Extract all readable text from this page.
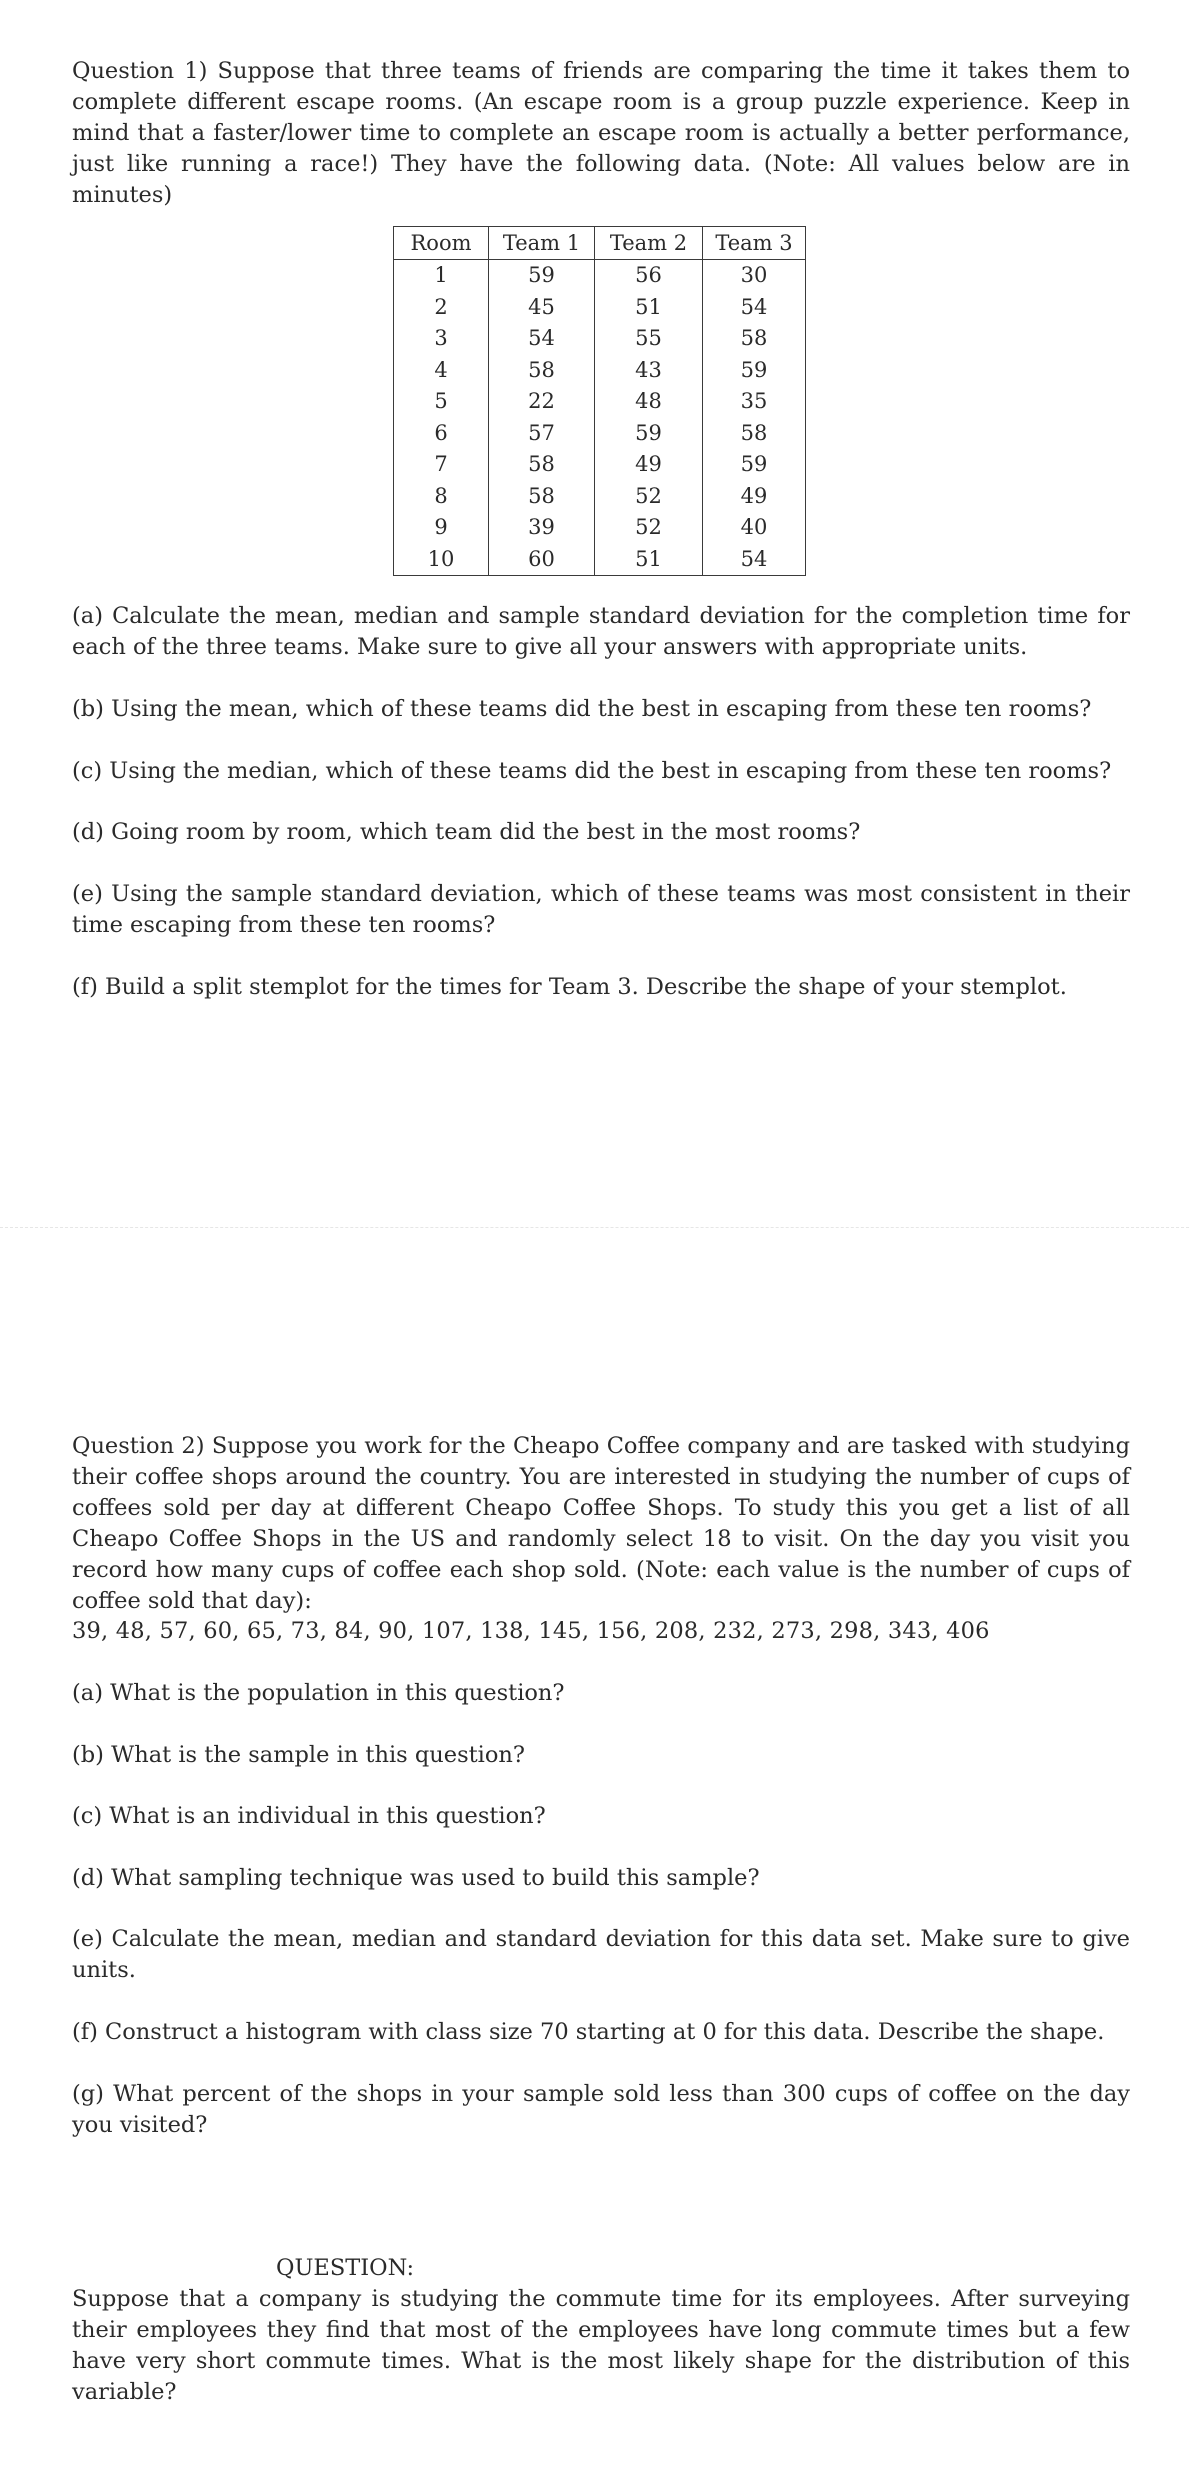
Question 1) Suppose that three teams of friends are comparing the time it takes them to complete different escape rooms. (An escape room is a group puzzle experience. Keep in mind that a faster/lower time to complete an escape room is actually a better performance, just like running a race!) They have the following data. (Note: All values below are in minutes)
Room	Team 1	Team 2	Team 3
1	59	56	30
2	45	51	54
3	54	55	58
4	58	43	59
5	22	48	35
6	57	59	58
7	58	49	59
8	58	52	49
9	39	52	40
10	60	51	54
(a) Calculate the mean, median and sample standard deviation for the completion time for each of the three teams. Make sure to give all your answers with appropriate units.
(b) Using the mean, which of these teams did the best in escaping from these ten rooms?
(c) Using the median, which of these teams did the best in escaping from these ten rooms?
(d) Going room by room, which team did the best in the most rooms?
(e) Using the sample standard deviation, which of these teams was most consistent in their time escaping from these ten rooms?
(f) Build a split stemplot for the times for Team 3. Describe the shape of your stemplot.
Question 2) Suppose you work for the Cheapo Coffee company and are tasked with studying their coffee shops around the country. You are interested in studying the number of cups of coffees sold per day at different Cheapo Coffee Shops. To study this you get a list of all Cheapo Coffee Shops in the US and randomly select 18 to visit. On the day you visit you record how many cups of coffee each shop sold. (Note: each value is the number of cups of coffee sold that day):
39, 48, 57, 60, 65, 73, 84, 90, 107, 138, 145, 156, 208, 232, 273, 298, 343, 406
(a) What is the population in this question?
(b) What is the sample in this question?
(c) What is an individual in this question?
(d) What sampling technique was used to build this sample?
(e) Calculate the mean, median and standard deviation for this data set. Make sure to give units.
(f) Construct a histogram with class size 70 starting at 0 for this data. Describe the shape.
(g) What percent of the shops in your sample sold less than 300 cups of coffee on the day you visited?
QUESTION:
Suppose that a company is studying the commute time for its employees. After surveying their employees they find that most of the employees have long commute times but a few have very short commute times. What is the most likely shape for the distribution of this variable?
